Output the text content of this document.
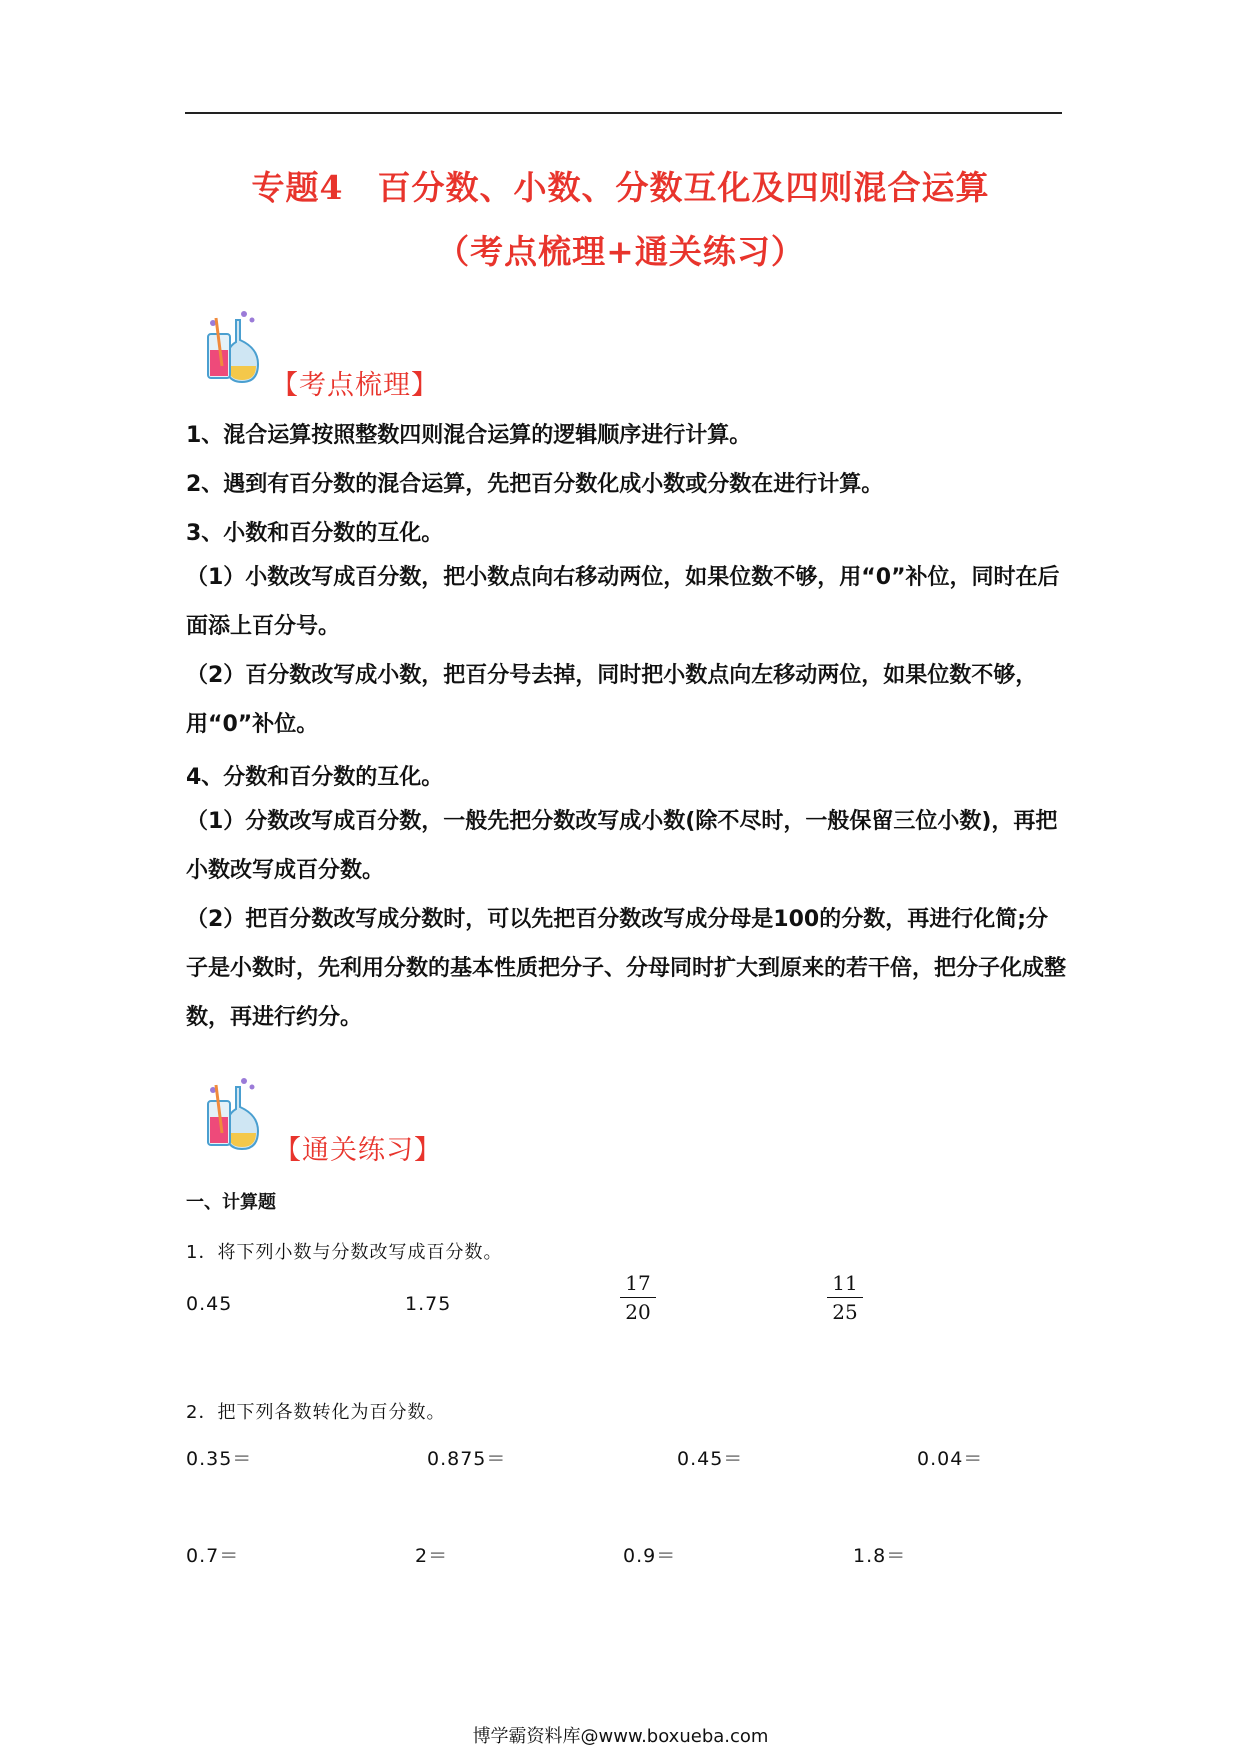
专题4　百分数、小数、分数互化及四则混合运算
（考点梳理+通关练习）
【考点梳理】
1、混合运算按照整数四则混合运算的逻辑顺序进行计算。
2、遇到有百分数的混合运算，先把百分数化成小数或分数在进行计算。
3、小数和百分数的互化。

（1）小数改写成百分数，把小数点向右移动两位，如果位数不够，用“0”补位，同时在后面添上百分号。

（2）百分数改写成小数，把百分号去掉，同时把小数点向左移动两位，如果位数不够，用“0”补位。

4、分数和百分数的互化。

（1）分数改写成百分数，一般先把分数改写成小数(除不尽时，一般保留三位小数)，再把小数改写成百分数。

（2）把百分数改写成分数时，可以先把百分数改写成分母是100的分数，再进行化简;分子是小数时，先利用分数的基本性质把分子、分母同时扩大到原来的若干倍，把分子化成整数，再进行约分。

【通关练习】
一、计算题
1．将下列小数与分数改写成百分数。
0.45	1.75	$\frac{17}{20}$	$\frac{11}{25}$
2．把下列各数转化为百分数。
0.35＝	0.875＝	0.45＝	0.04＝
0.7＝	2＝	0.9＝	1.8＝
博学霸资料库@www.boxueba.com
